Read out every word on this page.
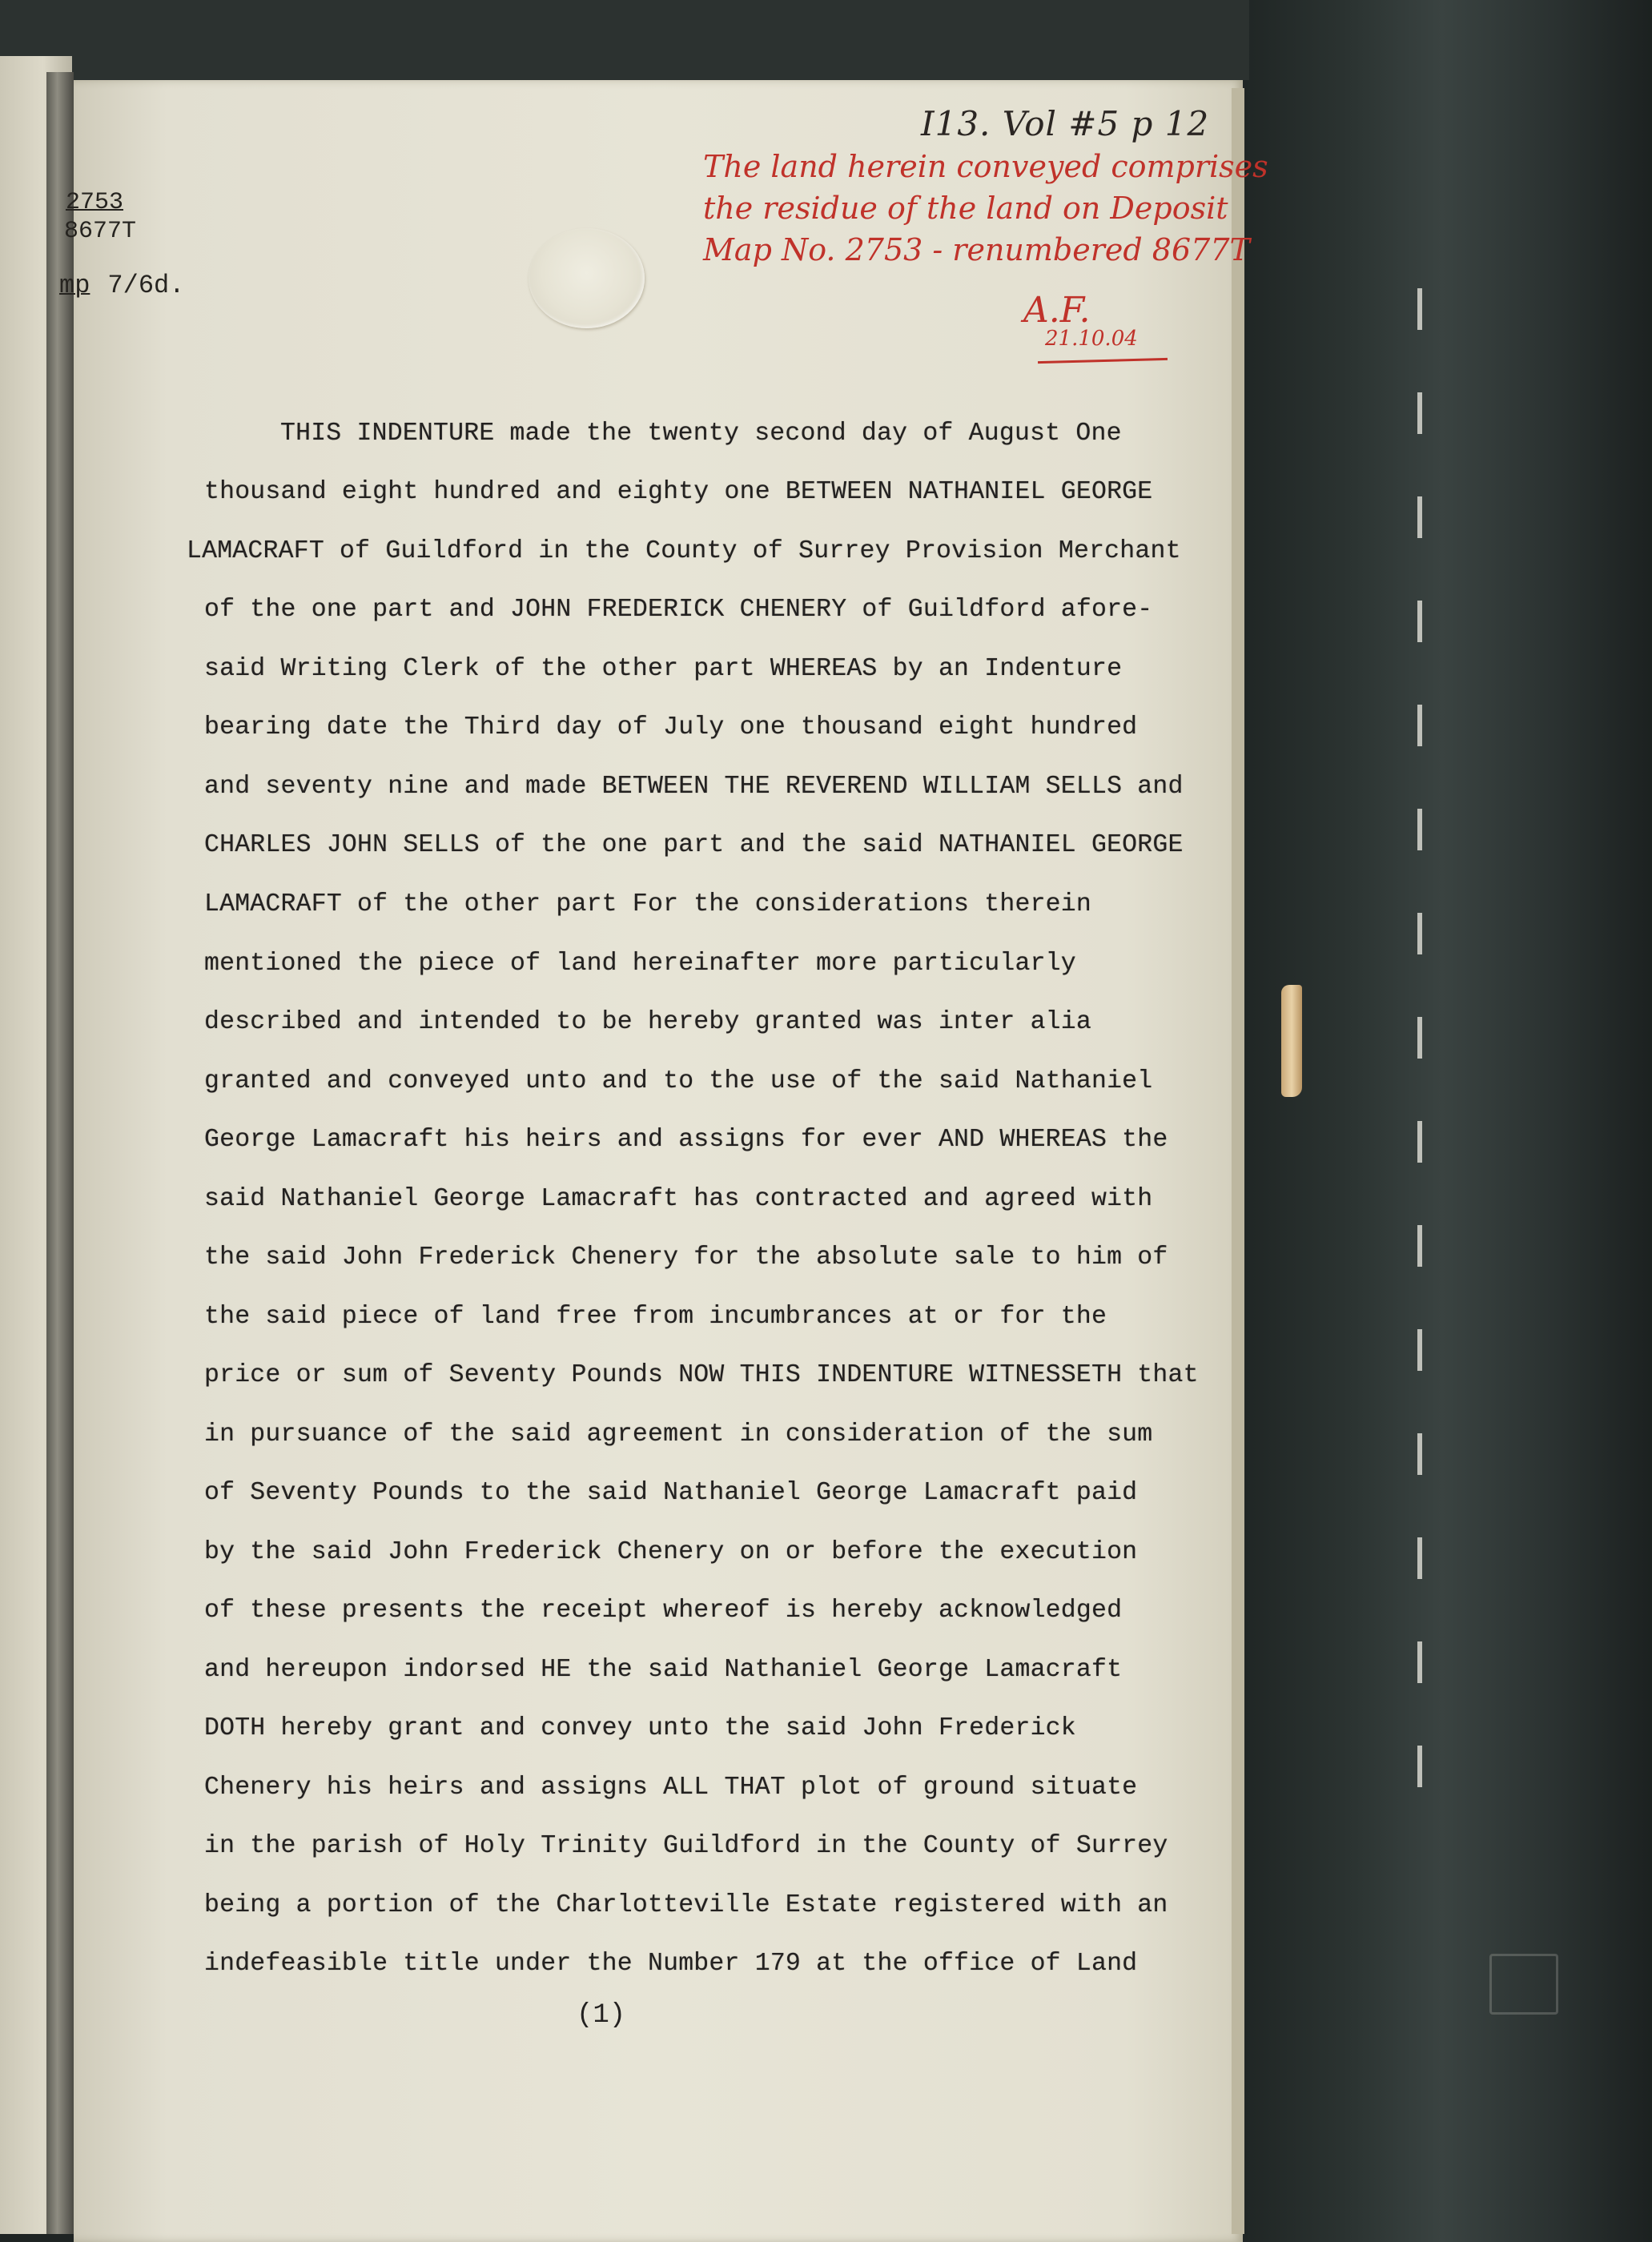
2753
8677T
mp 7/6d.
I13. Vol #5 p 12
The land herein conveyed comprises
the residue of the land on Deposit
Map No. 2753 - renumbered 8677T
A.F.
21.10.04
THIS INDENTURE made the twenty second day of August One
thousand eight hundred and eighty one BETWEEN NATHANIEL GEORGE
LAMACRAFT of Guildford in the County of Surrey Provision Merchant
of the one part and JOHN FREDERICK CHENERY of Guildford afore-
said Writing Clerk of the other part WHEREAS by an Indenture
bearing date the Third day of July one thousand eight hundred
and seventy nine and made BETWEEN THE REVEREND WILLIAM SELLS and
CHARLES JOHN SELLS of the one part and the said NATHANIEL GEORGE
LAMACRAFT of the other part For the considerations therein
mentioned the piece of land hereinafter more particularly
described and intended to be hereby granted was inter alia
granted and conveyed unto and to the use of the said Nathaniel
George Lamacraft his heirs and assigns for ever AND WHEREAS the
said Nathaniel George Lamacraft has contracted and agreed with
the said John Frederick Chenery for the absolute sale to him of
the said piece of land free from incumbrances at or for the
price or sum of Seventy Pounds NOW THIS INDENTURE WITNESSETH that
in pursuance of the said agreement in consideration of the sum
of Seventy Pounds to the said Nathaniel George Lamacraft paid
by the said John Frederick Chenery on or before the execution
of these presents the receipt whereof is hereby acknowledged
and hereupon indorsed HE the said Nathaniel George Lamacraft
DOTH hereby grant and convey unto the said John Frederick
Chenery his heirs and assigns ALL THAT plot of ground situate
in the parish of Holy Trinity Guildford in the County of Surrey
being a portion of the Charlotteville Estate registered with an
indefeasible title under the Number 179 at the office of Land
(1)
